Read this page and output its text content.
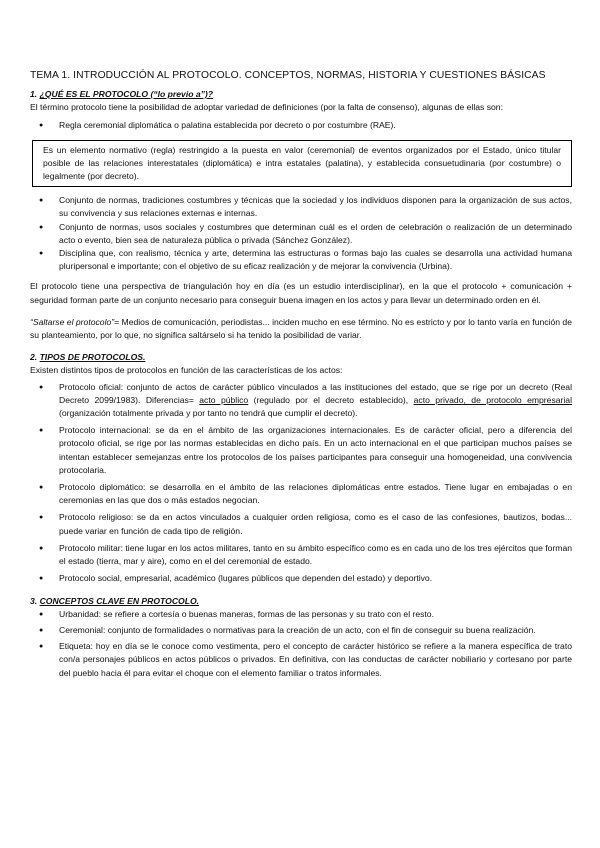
TEMA 1. INTRODUCCIÓN AL PROTOCOLO. CONCEPTOS, NORMAS, HISTORIA Y CUESTIONES BÁSICAS
1. ¿QUÉ ES EL PROTOCOLO (“lo previo a”)?

El término protocolo tiene la posibilidad de adoptar variedad de definiciones (por la falta de consenso), algunas de ellas son:

● Regla ceremonial diplomática o palatina establecida por decreto o por costumbre (RAE).
Es un elemento normativo (regla) restringido a la puesta en valor (ceremonial) de eventos organizados por el Estado, único titular posible de las relaciones interestatales (diplomática) e intra estatales (palatina), y establecida consuetudinaria (por costumbre) o legalmente (por decreto).
● Conjunto de normas, tradiciones costumbres y técnicas que la sociedad y los individuos disponen para la organización de sus actos, su convivencia y sus relaciones externas e internas.
● Conjunto de normas, usos sociales y costumbres que determinan cuál es el orden de celebración o realización de un determinado acto o evento, bien sea de naturaleza pública o privada (Sánchez González).
● Disciplina que, con realismo, técnica y arte, determina las estructuras o formas bajo las cuales se desarrolla una actividad humana pluripersonal e importante; con el objetivo de su eficaz realización y de mejorar la convivencia (Urbina).

El protocolo tiene una perspectiva de triangulación hoy en día (es un estudio interdisciplinar), en la que el protocolo + comunicación + seguridad forman parte de un conjunto necesario para conseguir buena imagen en los actos y para llevar un determinado orden en él.

“Saltarse el protocolo”= Medios de comunicación, periodistas... inciden mucho en ese término. No es estricto y por lo tanto varía en función de su planteamiento, por lo que, no significa saltárselo si ha tenido la posibilidad de variar.

2. TIPOS DE PROTOCOLOS.

Existen distintos tipos de protocolos en función de las características de los actos:

● Protocolo oficial: conjunto de actos de carácter público vinculados a las instituciones del estado, que se rige por un decreto (Real Decreto 2099/1983). Diferencias= acto público (regulado por el decreto establecido), acto privado, de protocolo empresarial (organización totalmente privada y por tanto no tendrá que cumplir el decreto).
● Protocolo internacional: se da en el ámbito de las organizaciones internacionales. Es de carácter oficial, pero a diferencia del protocolo oficial, se rige por las normas establecidas en dicho país. En un acto internacional en el que participan muchos países se intentan establecer semejanzas entre los protocolos de los países participantes para conseguir una homogeneidad, una convivencia protocolaria.
● Protocolo diplomático: se desarrolla en el ámbito de las relaciones diplomáticas entre estados. Tiene lugar en embajadas o en ceremonias en las que dos o más estados negocian.
● Protocolo religioso: se da en actos vinculados a cualquier orden religiosa, como es el caso de las confesiones, bautizos, bodas... puede variar en función de cada tipo de religión.
● Protocolo militar: tiene lugar en los actos militares, tanto en su ámbito específico como es en cada uno de los tres ejércitos que forman el estado (tierra, mar y aire), como en el del ceremonial de estado.
● Protocolo social, empresarial, académico (lugares públicos que dependen del estado) y deportivo.
3. CONCEPTOS CLAVE EN PROTOCOLO.
● Urbanidad: se refiere a cortesía o buenas maneras, formas de las personas y su trato con el resto.
● Ceremonial: conjunto de formalidades o normativas para la creación de un acto, con el fin de conseguir su buena realización.
● Etiqueta: hoy en día se le conoce como vestimenta, pero el concepto de carácter histórico se refiere a la manera específica de trato con/a personajes públicos en actos públicos o privados. En definitiva, con las conductas de carácter nobiliario y cortesano por parte del pueblo hacia él para evitar el choque con el elemento familiar o tratos informales.
